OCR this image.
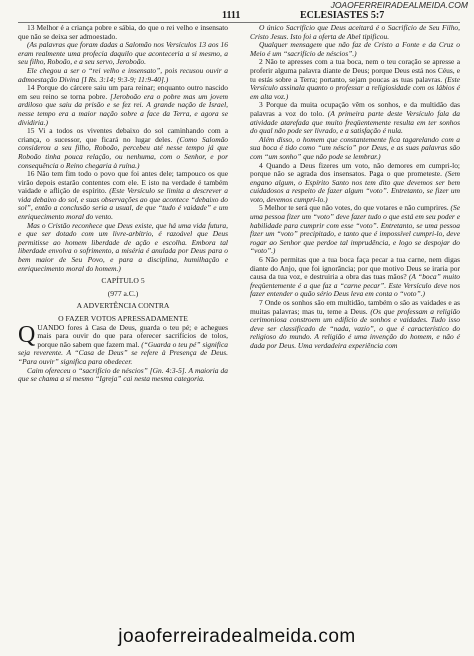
JOAOFERREIRADEALMEIDA.COM
1111	ECLESIASTES 5:7

13 Melhor é a criança pobre e sábia, do que o rei velho e insensato que não se deixa ser admoestado.

(As palavras que foram dadas a Salomão nos Versículos 13 aos 16 eram realmente uma profecia daquilo que aconteceria a si mesmo, a seu filho, Roboão, e a seu servo, Jeroboão.

Ele chegou a ser o “rei velho e insensato”, pois recusou ouvir a admoestação Divina [I Rs. 3:14; 9:3-9; 11:9-40].)

14 Porque do cárcere saiu um para reinar; enquanto outro nascido em seu reino se torna pobre. [Jeroboão era o pobre mas um jovem ardiloso que saiu da prisão e se fez rei. A grande nação de Israel, nesse tempo era a maior nação sobre a face da Terra, e agora se dividiria.)

15 Vi a todos os viventes debaixo do sol caminhando com a criança, o sucessor, que ficará no lugar deles. (Como Salomão considerou a seu filho, Roboão, percebeu até nesse tempo já que Roboão tinha pouca relação, ou nenhuma, com o Senhor, e por consequência o Reino chegaria à ruína.)

16 Não tem fim todo o povo que foi antes dele; tampouco os que virão depois estarão contentes com ele. E isto na verdade é também vaidade e aflição de espírito. (Este Versículo se limita a descrever a vida debaixo do sol, e suas observações ao que acontece “debaixo do sol”, então a conclusão seria a usual, de que “tudo é vaidade” e um enriquecimento moral do vento.

Mas o Cristão reconhece que Deus existe, que há uma vida futura, e que ser dotado com um livre-arbítrio, é razoável que Deus permitisse ao homem liberdade de ação e escolha. Embora tal liberdade envolva o sofrimento, a miséria é anulada por Deus para o bem maior de Seu Povo, e para a disciplina, humilhação e enriquecimento moral do homem.)

CAPÍTULO 5

(977 a.C.)

A ADVERTÊNCIA CONTRA

O FAZER VOTOS APRESSADAMENTE

QUANDO fores à Casa de Deus, guarda o teu pé; e achegues mais para ouvir do que para oferecer sacrifícios de tolos, porque não sabem que fazem mal. (“Guarda o teu pé” significa seja reverente. A “Casa de Deus” se refere à Presença de Deus. “Para ouvir” significa para obedecer.

Caim ofereceu o “sacrifício de néscios” [Gn. 4:3-5]. A maioria da que se chama a si mesmo “Igreja” cai nesta mesma categoria.

O único Sacrifício que Deus aceitará é o Sacrifício de Seu Filho, Cristo Jesus. Isto foi a oferta de Abel tipificou.

Qualquer mensagem que não faz de Cristo a Fonte e da Cruz o Meio é um “sacrifício de néscios”.)

2 Não te apresses com a tua boca, nem o teu coração se apresse a proferir alguma palavra diante de Deus; porque Deus está nos Céus, e tu estás sobre a Terra; portanto, sejam poucas as tuas palavras. (Este Versículo assinala quanto o professar a religiosidade com os lábios é em alta voz.)

3 Porque da muita ocupação vêm os sonhos, e da multidão das palavras a voz do tolo. (A primeira parte deste Versículo fala da atividade atarefada que muito freqüentemente resulta em ter sonhos do qual não pode ser livrado, e a satisfação é nula.

Além disso, o homem que constantemente fica tagarelando com a sua boca é tido como “um néscio” por Deus, e as suas palavras são com “um sonho” que não pode se lembrar.)

4 Quando a Deus fizeres um voto, não demores em cumpri-lo; porque não se agrada dos insensatos. Paga o que prometeste. (Sem engano algum, o Espírito Santo nos tem dito que devemos ser bem cuidadosos a respeito de fazer algum “voto”. Entretanto, se fizer um voto, devemos cumpri-lo.)

5 Melhor te será que não votes, do que votares e não cumprires. (Se uma pessoa fizer um “voto” deve fazer tudo o que está em seu poder e habilidade para cumprir com esse “voto”. Entretanto, se uma pessoa fizer um “voto” precipitado, e tanto que é impossível cumpri-lo, deve rogar ao Senhor que perdoe tal imprudência, e logo se despojar do “voto”.)

6 Não permitas que a tua boca faça pecar a tua carne, nem digas diante do Anjo, que foi ignorância; por que motivo Deus se iraria por causa da tua voz, e destruiria a obra das tuas mãos? (A “boca” muito freqüentemente é a que faz a “carne pecar”. Este Versículo deve nos fazer entender o quão sério Deus leva em conta o “voto”.)

7 Onde os sonhos são em multidão, também o são as vaidades e as muitas palavras; mas tu, teme a Deus. (Os que professam a religião cerimoniosa constroem um edifício de sonhos e vaidades. Tudo isso deve ser classificado de “nada, vazio”, o que é característico do religioso do mundo. A religião é uma invenção do homem, e não é dada por Deus. Uma verdadeira experiência com

joaoferreiradealmeida.com
